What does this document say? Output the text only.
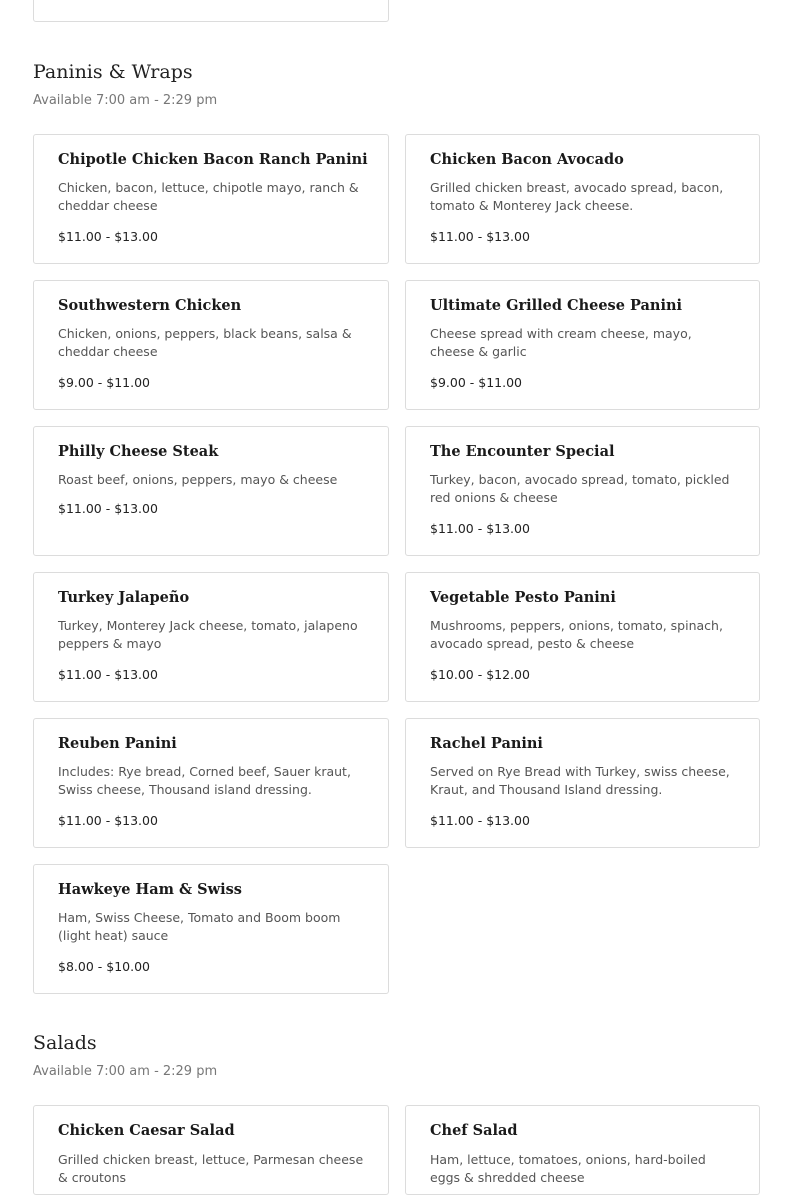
Paninis & Wraps
Available 7:00 am - 2:29 pm
Chipotle Chicken Bacon Ranch Panini
Chicken, bacon, lettuce, chipotle mayo, ranch & cheddar cheese
$11.00 - $13.00
Chicken Bacon Avocado
Grilled chicken breast, avocado spread, bacon, tomato & Monterey Jack cheese.
$11.00 - $13.00
Southwestern Chicken
Chicken, onions, peppers, black beans, salsa & cheddar cheese
$9.00 - $11.00
Ultimate Grilled Cheese Panini
Cheese spread with cream cheese, mayo, cheese & garlic
$9.00 - $11.00
Philly Cheese Steak
Roast beef, onions, peppers, mayo & cheese
$11.00 - $13.00
The Encounter Special
Turkey, bacon, avocado spread, tomato, pickled red onions & cheese
$11.00 - $13.00
Turkey Jalapeño
Turkey, Monterey Jack cheese, tomato, jalapeno peppers & mayo
$11.00 - $13.00
Vegetable Pesto Panini
Mushrooms, peppers, onions, tomato, spinach, avocado spread, pesto & cheese
$10.00 - $12.00
Reuben Panini
Includes: Rye bread, Corned beef, Sauer kraut, Swiss cheese, Thousand island dressing.
$11.00 - $13.00
Rachel Panini
Served on Rye Bread with Turkey, swiss cheese, Kraut, and Thousand Island dressing.
$11.00 - $13.00
Hawkeye Ham & Swiss
Ham, Swiss Cheese, Tomato and Boom boom (light heat) sauce
$8.00 - $10.00
Salads
Available 7:00 am - 2:29 pm
Chicken Caesar Salad
Grilled chicken breast, lettuce, Parmesan cheese & croutons
Chef Salad
Ham, lettuce, tomatoes, onions, hard-boiled eggs & shredded cheese
